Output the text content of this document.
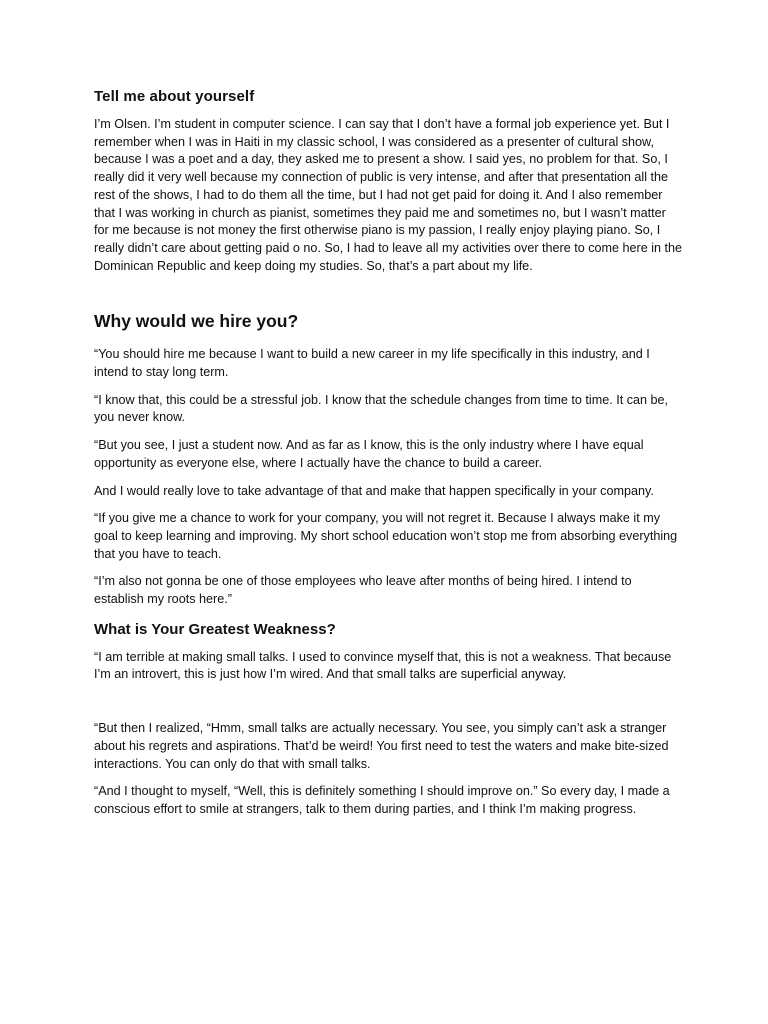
Tell me about yourself

I’m Olsen. I’m student in computer science. I can say that I don’t have a formal job experience yet. But I remember when I was in Haiti in my classic school, I was considered as a presenter of cultural show, because I was a poet and a day, they asked me to present a show. I said yes, no problem for that. So, I really did it very well because my connection of public is very intense, and after that presentation all the rest of the shows, I had to do them all the time, but I had not get paid for doing it. And I also remember that I was working in church as pianist, sometimes they paid me and sometimes no, but I wasn’t matter for me because is not money the first otherwise piano is my passion, I really enjoy playing piano. So, I really didn’t care about getting paid o no. So, I had to leave all my activities over there to come here in the Dominican Republic and keep doing my studies. So, that’s a part about my life.

Why would we hire you?

“You should hire me because I want to build a new career in my life specifically in this industry, and I intend to stay long term.

“I know that, this could be a stressful job. I know that the schedule changes from time to time. It can be, you never know.

“But you see, I just a student now. And as far as I know, this is the only industry where I have equal opportunity as everyone else, where I actually have the chance to build a career.

And I would really love to take advantage of that and make that happen specifically in your company.

“If you give me a chance to work for your company, you will not regret it. Because I always make it my goal to keep learning and improving. My short school education won’t stop me from absorbing everything that you have to teach.

“I’m also not gonna be one of those employees who leave after months of being hired. I intend to establish my roots here.”

What is Your Greatest Weakness?

“I am terrible at making small talks. I used to convince myself that, this is not a weakness. That because I’m an introvert, this is just how I’m wired. And that small talks are superficial anyway.

“But then I realized, “Hmm, small talks are actually necessary. You see, you simply can’t ask a stranger about his regrets and aspirations. That’d be weird! You first need to test the waters and make bite-sized interactions. You can only do that with small talks.

“And I thought to myself, “Well, this is definitely something I should improve on.” So every day, I made a conscious effort to smile at strangers, talk to them during parties, and I think I’m making progress.
